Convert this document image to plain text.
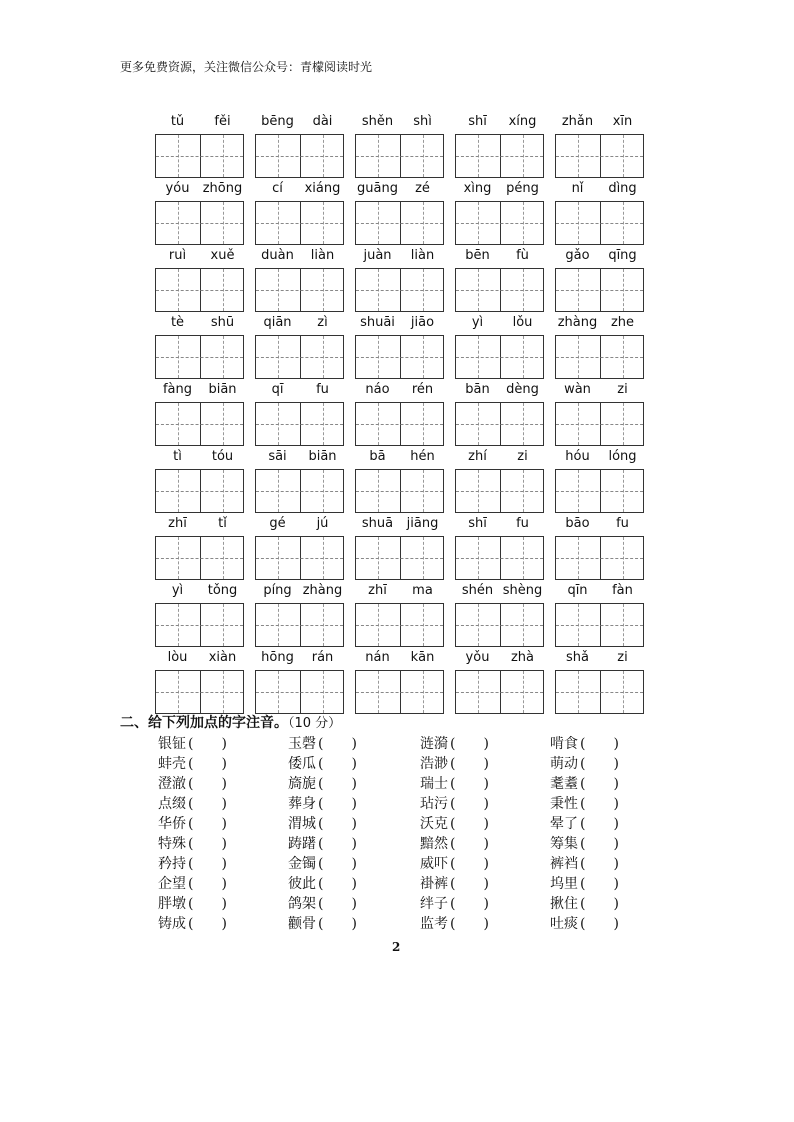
更多免费资源，关注微信公众号：青檬阅读时光
tǔ	fěi	bēng	dài	shěn	shì	shī	xíng	zhǎn	xīn
yóu	zhōng	cí	xiáng	guāng	zé	xìng	péng	nǐ	dìng
ruì	xuě	duàn	liàn	juàn	liàn	bēn	fù	gǎo	qīng
tè	shū	qiān	zì	shuāi	jiāo	yì	lǒu	zhàng	zhe
fàng	biān	qī	fu	náo	rén	bān	dèng	wàn	zi
tì	tóu	sāi	biān	bā	hén	zhí	zi	hóu	lóng
zhī	tǐ	gé	jú	shuā	jiāng	shī	fu	bāo	fu
yì	tǒng	píng zhàng	zhī	ma	shén shèng	qīn	fàn
lòu	xiàn	hōng	rán	nán	kān	yǒu	zhà	shǎ	zi
二、给下列加点的字注音。（10 分）
银钲 (　　)	玉磬 (　　)	涟漪 (　　)	啃食 (　　)
蚌壳 (　　)	倭瓜 (　　)	浩渺 (　　)	萌动 (　　)
澄澈 (　　)	旖旎 (　　)	瑞士 (　　)	耄耋 (　　)
点缀 (　　)	葬身 (　　)	玷污 (　　)	秉性 (　　)
华侨 (　　)	渭城 (　　)	沃克 (　　)	晕了 (　　)
特殊 (　　)	踌躇 (　　)	黯然 (　　)	筹集 (　　)
矜持 (　　)	金镯 (　　)	威吓 (　　)	裤裆 (　　)
企望 (　　)	彼此 (　　)	褂裤 (　　)	坞里 (　　)
胖墩 (　　)	鸽架 (　　)	绊子 (　　)	揪住 (　　)
铸成 (　　)	颧骨 (　　)	监考 (　　)	吐痰 (　　)
2
